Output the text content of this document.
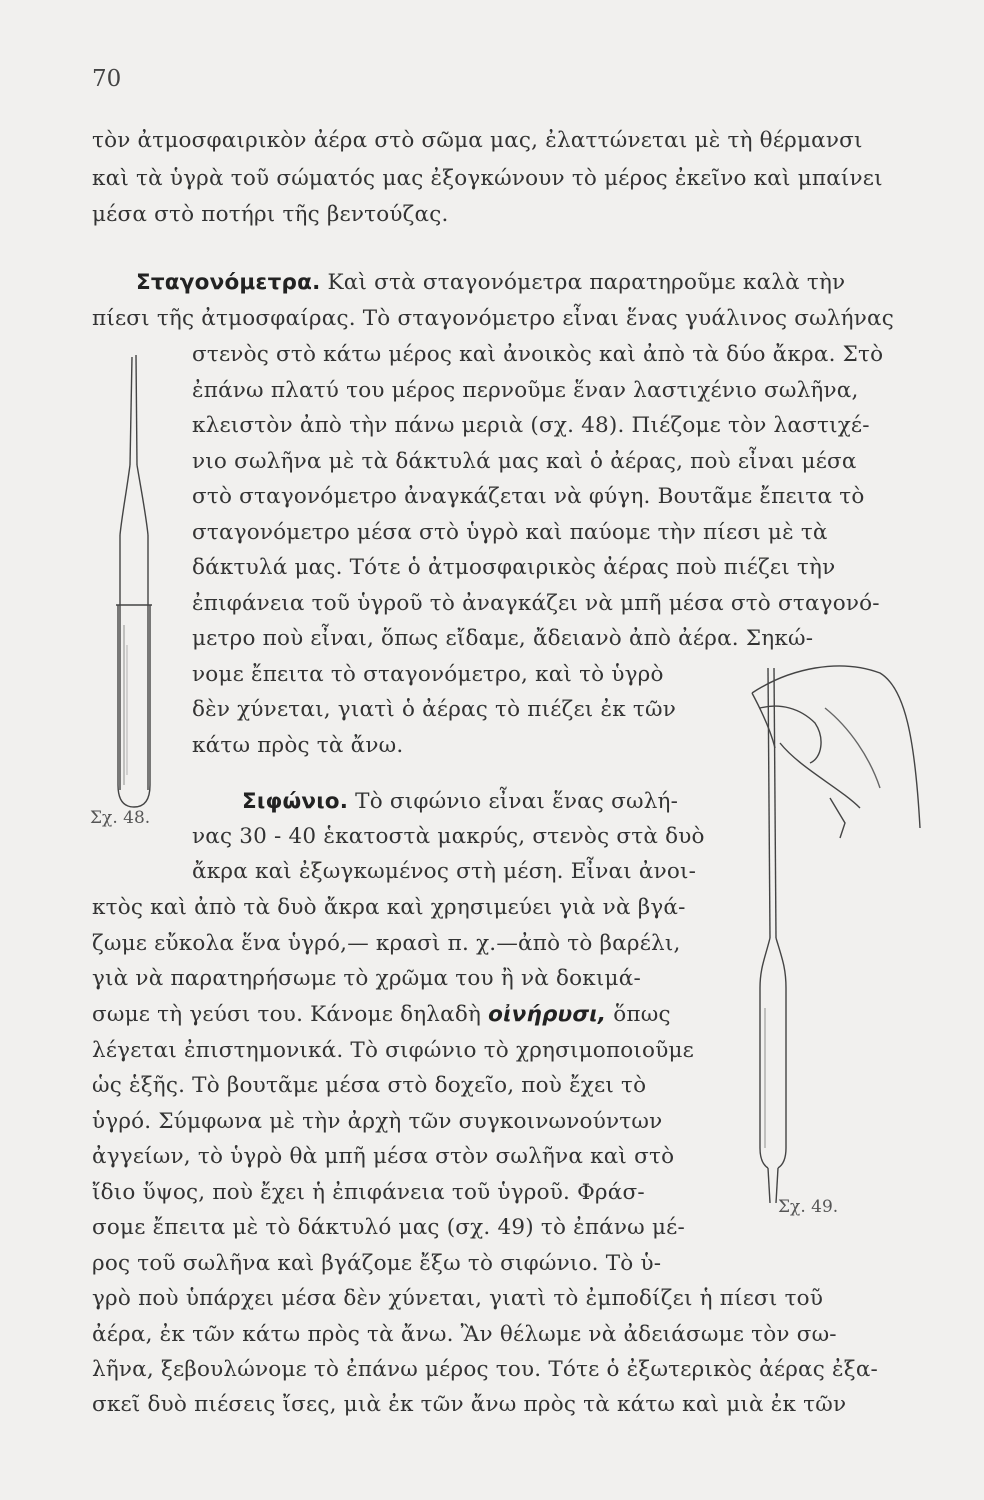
70
τὸν ἀτμοσφαιρικὸν ἀέρα στὸ σῶμα μας, ἐλαττώνεται μὲ τὴ θέρμανσι
καὶ τὰ ὑγρὰ τοῦ σώματός μας ἐξογκώνουν τὸ μέρος ἐκεῖνο καὶ μπαίνει
μέσα στὸ ποτήρι τῆς βεντούζας.
Σταγονόμετρα. Καὶ στὰ σταγονόμετρα παρατηροῦμε καλὰ τὴν
πίεσι τῆς ἀτμοσφαίρας. Τὸ σταγονόμετρο εἶναι ἕνας γυάλινος σωλήνας
στενὸς στὸ κάτω μέρος καὶ ἀνοικὸς καὶ ἀπὸ τὰ δύο ἄκρα. Στὸ
ἐπάνω πλατύ του μέρος περνοῦμε ἕναν λαστιχένιο σωλῆνα,
κλειστὸν ἀπὸ τὴν πάνω μεριὰ (σχ. 48). Πιέζομε τὸν λαστιχέ-
νιο σωλῆνα μὲ τὰ δάκτυλά μας καὶ ὁ ἀέρας, ποὺ εἶναι μέσα
στὸ σταγονόμετρο ἀναγκάζεται νὰ φύγη. Βουτᾶμε ἔπειτα τὸ
σταγονόμετρο μέσα στὸ ὑγρὸ καὶ παύομε τὴν πίεσι μὲ τὰ
δάκτυλά μας. Τότε ὁ ἀτμοσφαιρικὸς ἀέρας ποὺ πιέζει τὴν
ἐπιφάνεια τοῦ ὑγροῦ τὸ ἀναγκάζει νὰ μπῆ μέσα στὸ σταγονό-
μετρο ποὺ εἶναι, ὅπως εἴδαμε, ἄδειανὸ ἀπὸ ἀέρα. Σηκώ-
νομε ἔπειτα τὸ σταγονόμετρο, καὶ τὸ ὑγρὸ
δὲν χύνεται, γιατὶ ὁ ἀέρας τὸ πιέζει ἐκ τῶν
κάτω πρὸς τὰ ἄνω.
Σιφώνιο. Τὸ σιφώνιο εἶναι ἕνας σωλή-
νας 30 - 40 ἑκατοστὰ μακρύς, στενὸς στὰ δυὸ
ἄκρα καὶ ἐξωγκωμένος στὴ μέση. Εἶναι ἀνοι-
κτὸς καὶ ἀπὸ τὰ δυὸ ἄκρα καὶ χρησιμεύει γιὰ νὰ βγά-
ζωμε εὔκολα ἕνα ὑγρό,— κρασὶ π. χ.—ἀπὸ τὸ βαρέλι,
γιὰ νὰ παρατηρήσωμε τὸ χρῶμα του ἢ νὰ δοκιμά-
σωμε τὴ γεύσι του. Κάνομε δηλαδὴ οἰνήρυσι, ὅπως
λέγεται ἐπιστημονικά. Τὸ σιφώνιο τὸ χρησιμοποιοῦμε
ὡς ἑξῆς. Τὸ βουτᾶμε μέσα στὸ δοχεῖο, ποὺ ἔχει τὸ
ὑγρό. Σύμφωνα μὲ τὴν ἀρχὴ τῶν συγκοινωνούντων
ἀγγείων, τὸ ὑγρὸ θὰ μπῆ μέσα στὸν σωλῆνα καὶ στὸ
ἴδιο ὕψος, ποὺ ἔχει ἡ ἐπιφάνεια τοῦ ὑγροῦ. Φράσ-
σομε ἔπειτα μὲ τὸ δάκτυλό μας (σχ. 49) τὸ ἐπάνω μέ-
ρος τοῦ σωλῆνα καὶ βγάζομε ἔξω τὸ σιφώνιο. Τὸ ὑ-
γρὸ ποὺ ὑπάρχει μέσα δὲν χύνεται, γιατὶ τὸ ἐμποδίζει ἡ πίεσι τοῦ
ἀέρα, ἐκ τῶν κάτω πρὸς τὰ ἄνω. Ἂν θέλωμε νὰ ἀδειάσωμε τὸν σω-
λῆνα, ξεβουλώνομε τὸ ἐπάνω μέρος του. Τότε ὁ ἐξωτερικὸς ἀέρας ἐξα-
σκεῖ δυὸ πιέσεις ἴσες, μιὰ ἐκ τῶν ἄνω πρὸς τὰ κάτω καὶ μιὰ ἐκ τῶν
Σχ. 48.
Σχ. 49.
